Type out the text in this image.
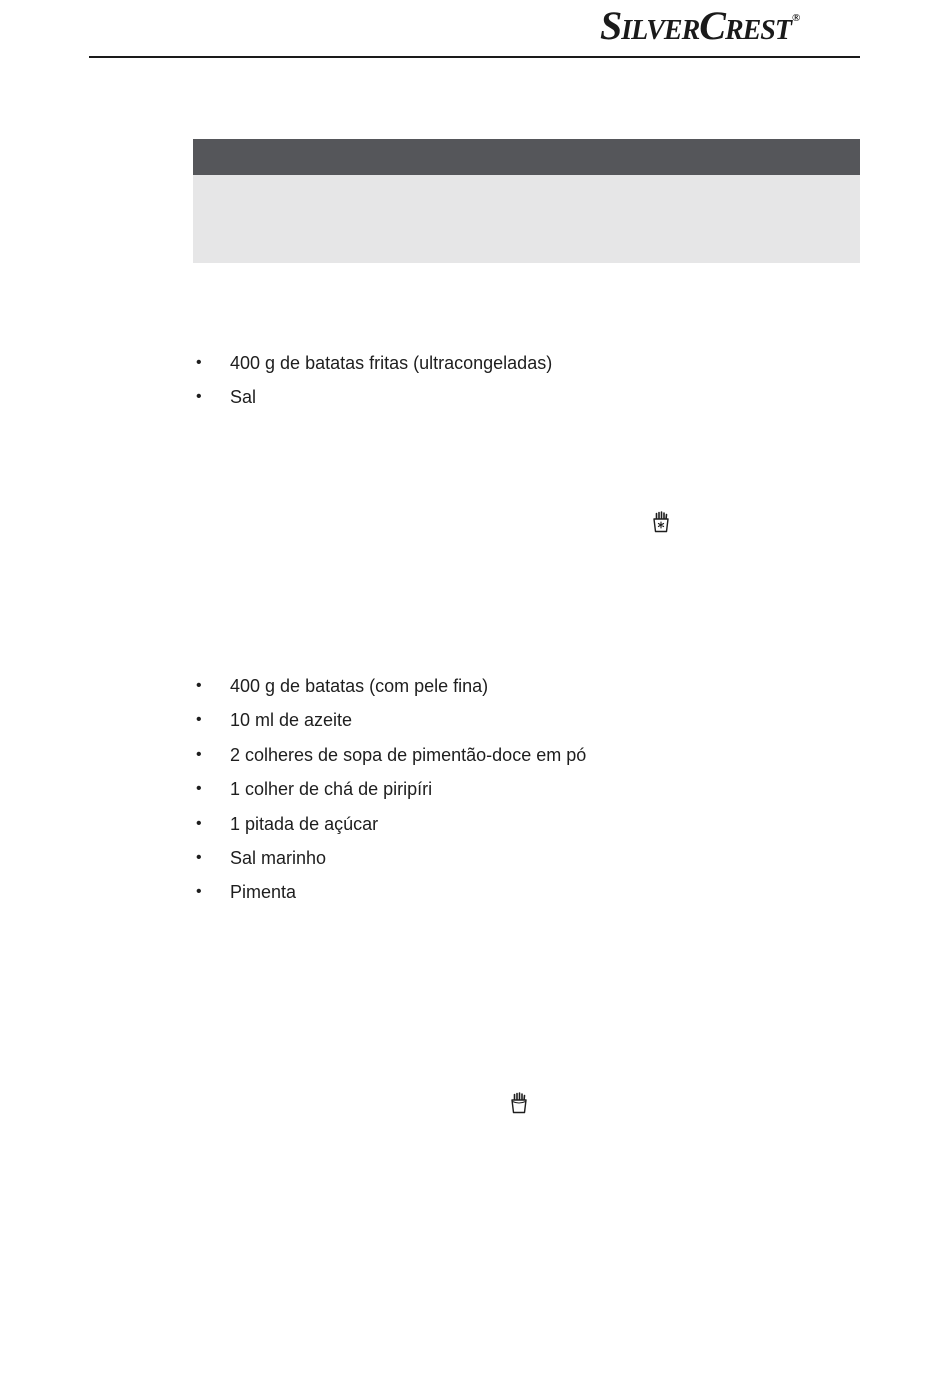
SILVERCREST®
• 400 g de batatas fritas (ultracongeladas)
• Sal
• 400 g de batatas (com pele fina)
• 10 ml de azeite
• 2 colheres de sopa de pimentão-doce em pó
• 1 colher de chá de piripíri
• 1 pitada de açúcar
• Sal marinho
• Pimenta
